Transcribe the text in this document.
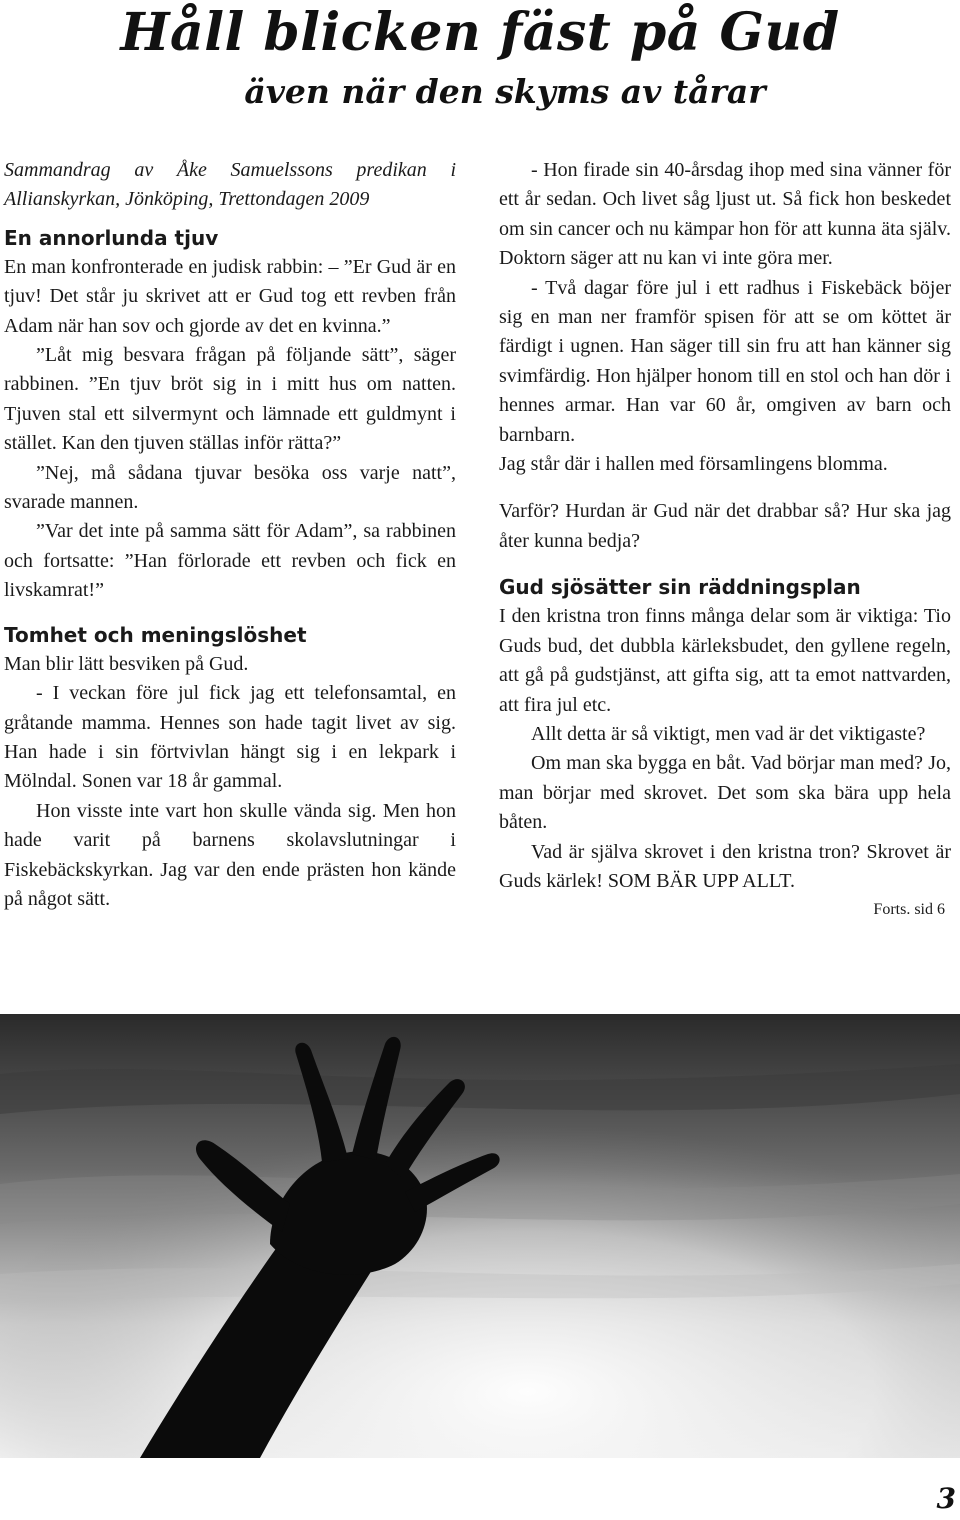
Håll blicken fäst på Gud
även när den skyms av tårar

Sammandrag av Åke Samuelssons predikan i Allianskyrkan, Jönköping, Trettondagen 2009

En annorlunda tjuv

En man konfronterade en judisk rabbin: – ”Er Gud är en tjuv! Det står ju skrivet att er Gud tog ett revben från Adam när han sov och gjorde av det en kvinna.”

”Låt mig besvara frågan på följande sätt”, säger rabbinen. ”En tjuv bröt sig in i mitt hus om natten. Tjuven stal ett silvermynt och lämnade ett guldmynt i stället. Kan den tjuven ställas inför rätta?”

”Nej, må sådana tjuvar besöka oss varje natt”, svarade mannen.

”Var det inte på samma sätt för Adam”, sa rabbinen och fortsatte: ”Han förlorade ett revben och fick en livskamrat!”

Tomhet och meningslöshet

Man blir lätt besviken på Gud.

- I veckan före jul fick jag ett telefonsamtal, en gråtande mamma. Hennes son hade tagit livet av sig. Han hade i sin förtvivlan hängt sig i en lekpark i Mölndal. Sonen var 18 år gammal.

Hon visste inte vart hon skulle vända sig. Men hon hade varit på barnens skolavslutningar i Fiskebäckskyrkan. Jag var den ende prästen hon kände på något sätt.

- Hon firade sin 40-årsdag ihop med sina vänner för ett år sedan. Och livet såg ljust ut. Så fick hon beskedet om sin cancer och nu kämpar hon för att kunna äta själv. Doktorn säger att nu kan vi inte göra mer.

- Två dagar före jul i ett radhus i Fiskebäck böjer sig en man ner framför spisen för att se om köttet är färdigt i ugnen. Han säger till sin fru att han känner sig svimfärdig. Hon hjälper honom till en stol och han dör i hennes armar. Han var 60 år, omgiven av barn och barnbarn.

Jag står där i hallen med församlingens blomma.

Varför? Hurdan är Gud när det drabbar så? Hur ska jag åter kunna bedja?

Gud sjösätter sin räddningsplan

I den kristna tron finns många delar som är viktiga: Tio Guds bud, det dubbla kärleksbudet, den gyllene regeln, att gå på gudstjänst, att gifta sig, att ta emot nattvarden, att fira jul etc.

Allt detta är så viktigt, men vad är det viktigaste?

Om man ska bygga en båt. Vad börjar man med? Jo, man börjar med skrovet. Det som ska bära upp hela båten.

Vad är själva skrovet i den kristna tron? Skrovet är Guds kärlek! SOM BÄR UPP ALLT.

Forts. sid 6

3
